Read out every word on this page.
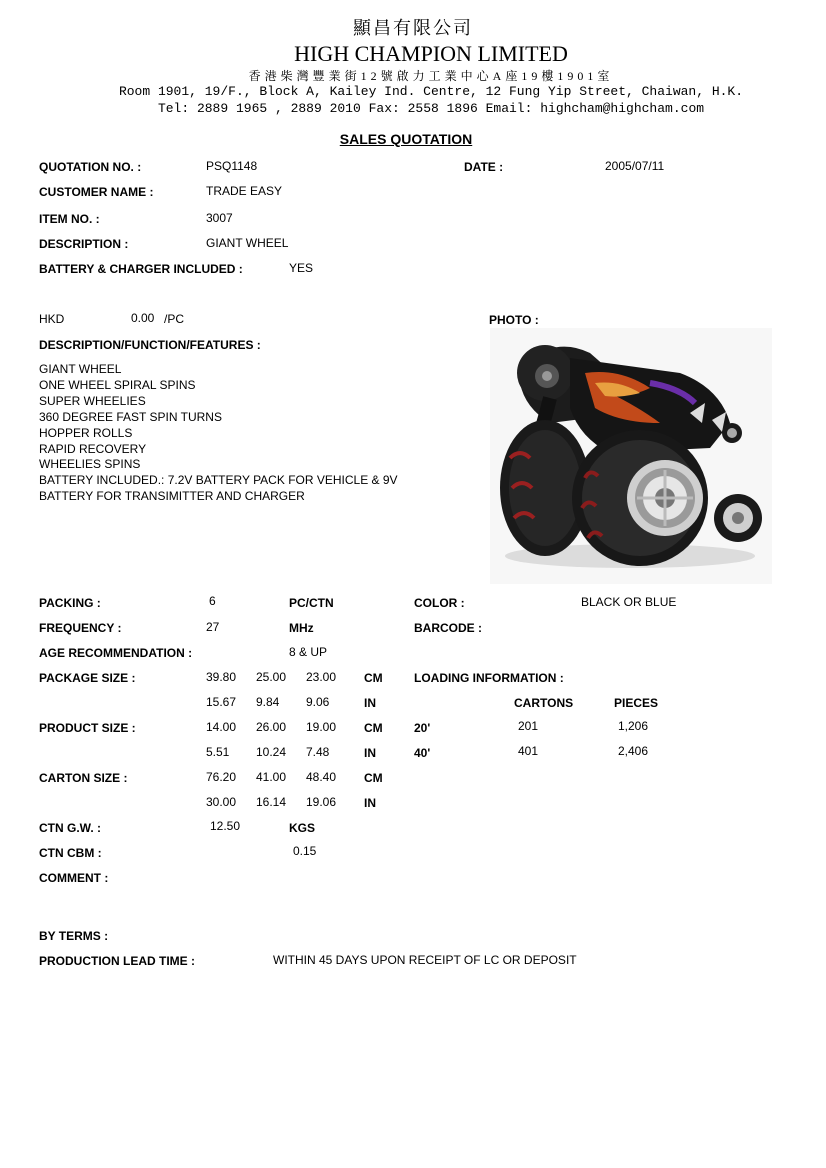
顯昌有限公司
HIGH CHAMPION LIMITED
香港柴灣豐業街12號啟力工業中心A座19樓1901室
Room 1901, 19/F., Block A, Kailey Ind. Centre, 12 Fung Yip Street, Chaiwan, H.K.
Tel: 2889 1965 , 2889 2010 Fax: 2558 1896 Email: highcham@highcham.com
SALES QUOTATION
QUOTATION NO. :	PSQ1148	DATE :	2005/07/11
CUSTOMER NAME :	TRADE EASY
ITEM NO. :	3007
DESCRIPTION :	GIANT WHEEL
BATTERY & CHARGER INCLUDED :	YES
HKD	0.00 /PC	PHOTO :
DESCRIPTION/FUNCTION/FEATURES :
GIANT WHEEL
ONE WHEEL SPIRAL SPINS
SUPER WHEELIES
360 DEGREE FAST SPIN TURNS
HOPPER ROLLS
RAPID RECOVERY
WHEELIES SPINS
BATTERY INCLUDED.: 7.2V BATTERY PACK FOR VEHICLE & 9V
BATTERY FOR TRANSIMITTER AND CHARGER
PACKING :	6	PC/CTN	COLOR :	BLACK OR BLUE
FREQUENCY :	27	MHz	BARCODE :
AGE RECOMMENDATION :	8 & UP
PACKAGE SIZE :	39.80 25.00 23.00 CM	LOADING INFORMATION :
15.67 9.84 9.06	IN	CARTONS	PIECES
PRODUCT SIZE :	14.00 26.00 19.00 CM	20'	201	1,206
5.51 10.24 7.48	IN	40'	401	2,406
CARTON SIZE :	76.20 41.00 48.40 CM
30.00 16.14 19.06 IN
CTN G.W. :	12.50	KGS
CTN CBM :	0.15
COMMENT :
BY TERMS :
PRODUCTION LEAD TIME :	WITHIN 45 DAYS UPON RECEIPT OF LC OR DEPOSIT
